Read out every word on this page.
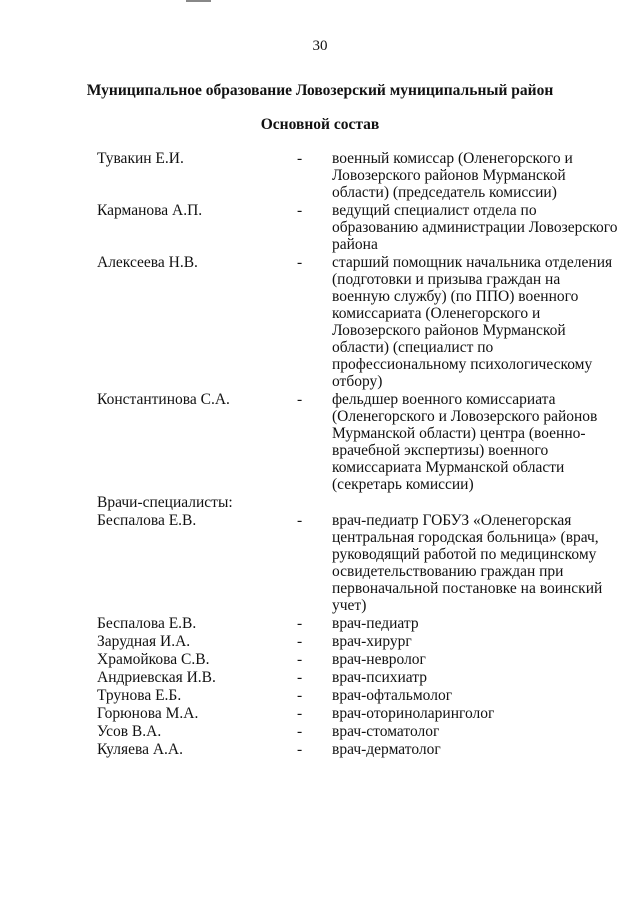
30
Муниципальное образование Ловозерский муниципальный район
Основной состав
Тувакин Е.И.	-	военный комиссар (Оленегорского и Ловозерского районов Мурманской области) (председатель комиссии)
Карманова А.П.	-	ведущий специалист отдела по образованию администрации Ловозерского района
Алексеева Н.В.	-	старший помощник начальника отделения (подготовки и призыва граждан на военную службу) (по ППО) военного комиссариата (Оленегорского и Ловозерского районов Мурманской области) (специалист по профессиональному психологическому отбору)
Константинова С.А.	-	фельдшер военного комиссариата (Оленегорского и Ловозерского районов Мурманской области) центра (военно-врачебной экспертизы) военного комиссариата Мурманской области (секретарь комиссии)
Врачи-специалисты:
Беспалова Е.В.	-	врач-педиатр ГОБУЗ «Оленегорская центральная городская больница» (врач, руководящий работой по медицинскому освидетельствованию граждан при первоначальной постановке на воинский учет)
Беспалова Е.В.	-	врач-педиатр
Зарудная И.А.	-	врач-хирург
Храмойкова С.В.	-	врач-невролог
Андриевская И.В.	-	врач-психиатр
Трунова Е.Б.	-	врач-офтальмолог
Горюнова М.А.	-	врач-оториноларинголог
Усов В.А.	-	врач-стоматолог
Куляева А.А.	-	врач-дерматолог
